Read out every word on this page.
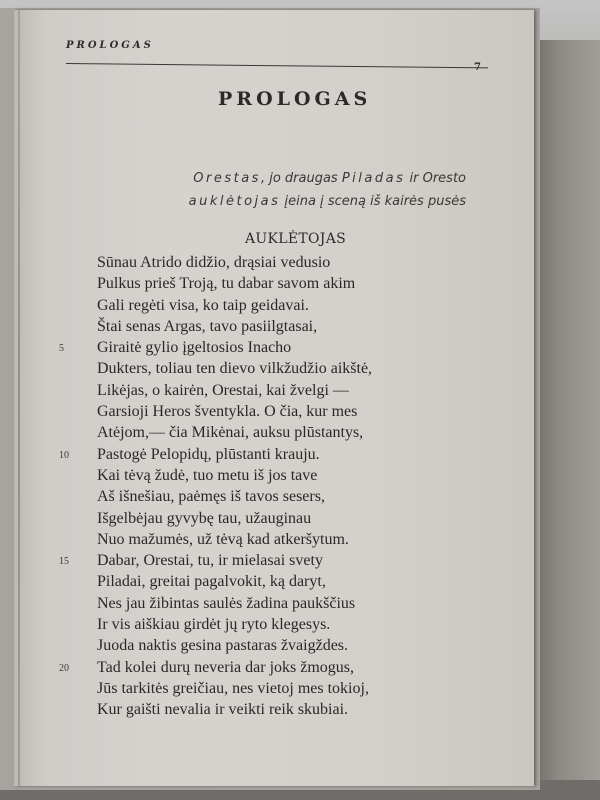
PROLOGAS
7
PROLOGAS
Orestas, jo draugas Piladas ir Oresto
auklėtojas įeina į sceną iš kairės pusės
AUKLĖTOJAS
Sūnau Atrido didžio, drąsiai vedusio
Pulkus prieš Troją, tu dabar savom akim
Gali regėti visa, ko taip geidavai.
Štai senas Argas, tavo pasiilgtasai,
5 Giraitė gylio įgeltosios Inacho
Dukters, toliau ten dievo vilkžudžio aikštė,
Likėjas, o kairėn, Orestai, kai žvelgi —
Garsioji Heros šventykla. O čia, kur mes
Atėjom,— čia Mikėnai, auksu plūstantys,
10 Pastogė Pelopidų, plūstanti krauju.
Kai tėvą žudė, tuo metu iš jos tave
Aš išnešiau, paėmęs iš tavos sesers,
Išgelbėjau gyvybę tau, užauginau
Nuo mažumės, už tėvą kad atkeršytum.
15 Dabar, Orestai, tu, ir mielasai svety
Piladai, greitai pagalvokit, ką daryt,
Nes jau žibintas saulės žadina paukščius
Ir vis aiškiau girdėt jų ryto klegesys.
Juoda naktis gesina pastaras žvaigždes.
20 Tad kolei durų neveria dar joks žmogus,
Jūs tarkitės greičiau, nes vietoj mes tokioj,
Kur gaišti nevalia ir veikti reik skubiai.
